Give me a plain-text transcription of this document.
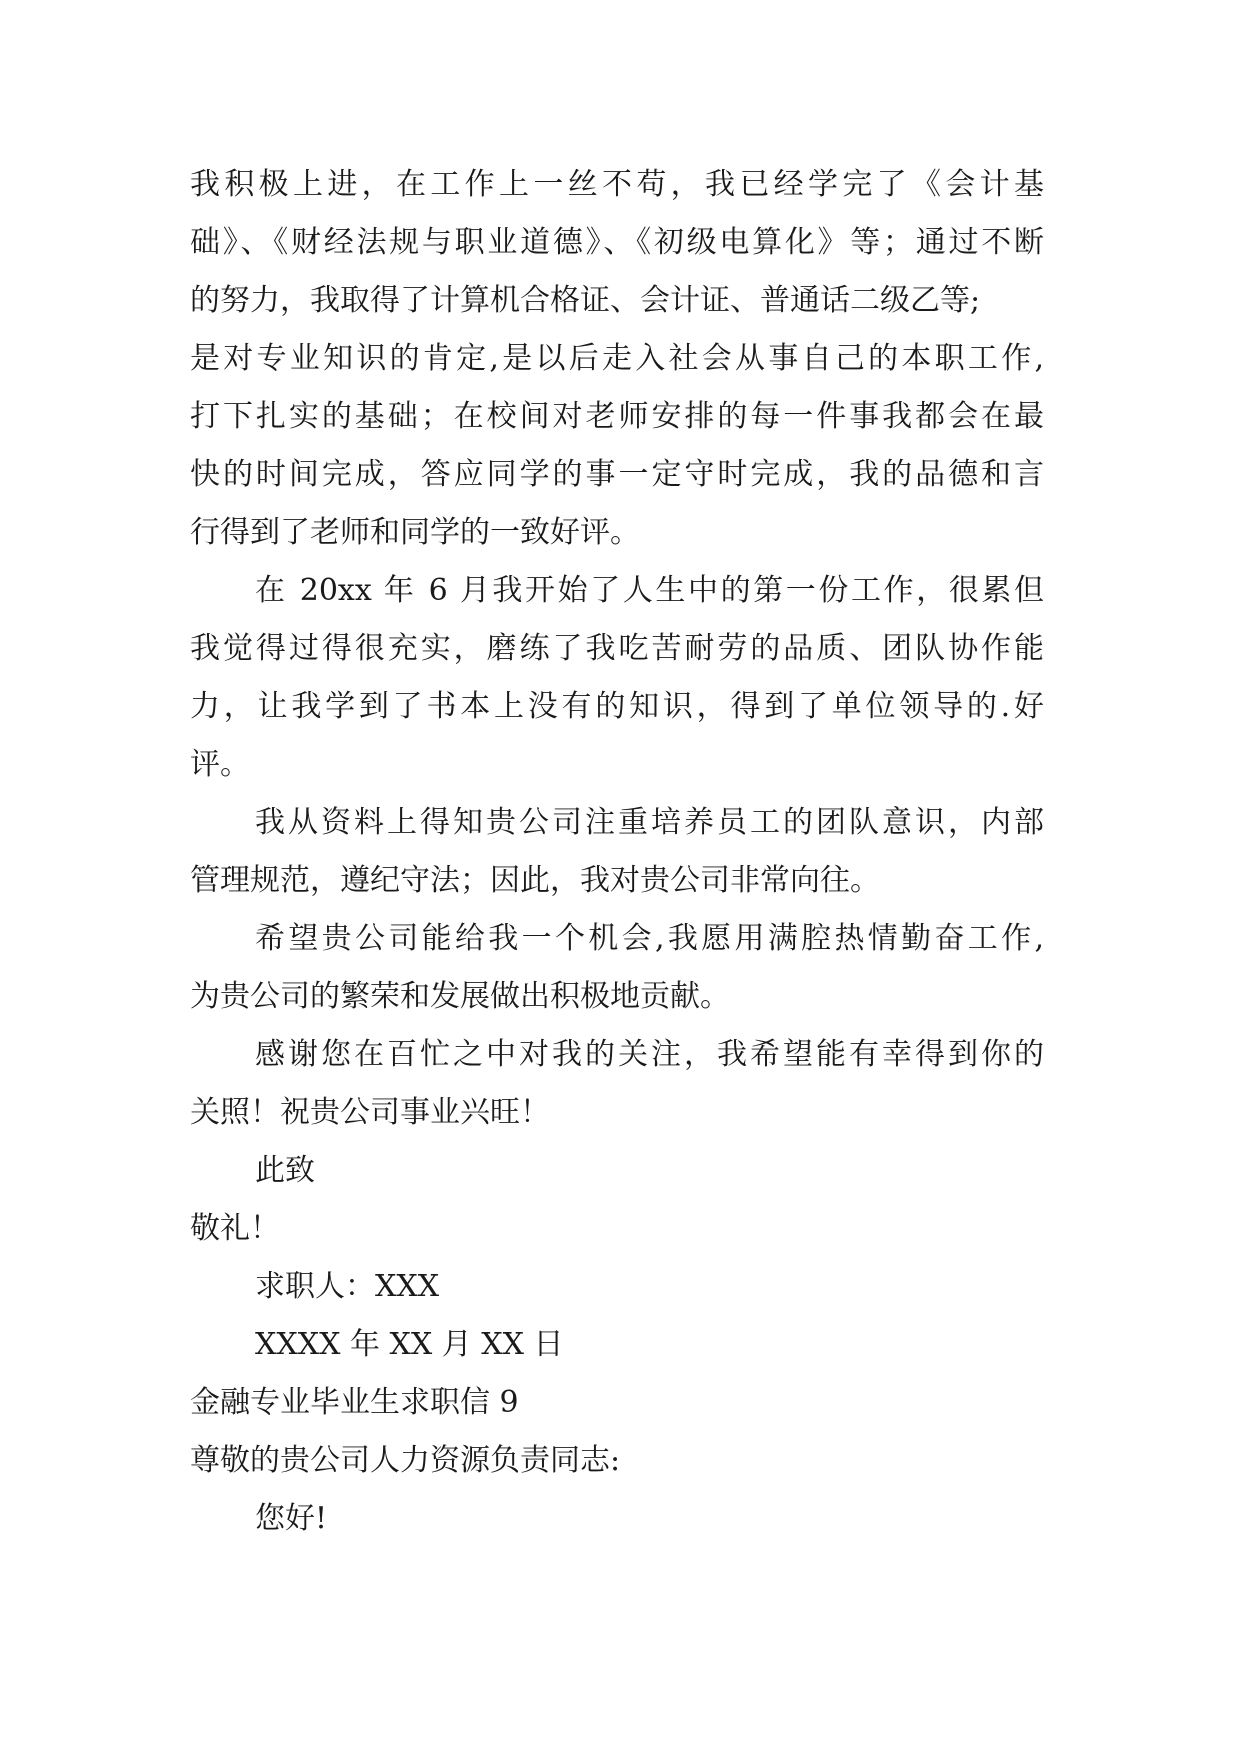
我积极上进，在工作上一丝不苟，我已经学完了《会计基
础》、《财经法规与职业道德》、《初级电算化》等；通过不断
的努力，我取得了计算机合格证、会计证、普通话二级乙等;
是对专业知识的肯定,是以后走入社会从事自己的本职工作,
打下扎实的基础；在校间对老师安排的每一件事我都会在最
快的时间完成，答应同学的事一定守时完成，我的品德和言
行得到了老师和同学的一致好评。
在 20xx 年 6 月我开始了人生中的第一份工作，很累但
我觉得过得很充实，磨练了我吃苦耐劳的品质、团队协作能
力，让我学到了书本上没有的知识，得到了单位领导的.好
评。
我从资料上得知贵公司注重培养员工的团队意识，内部
管理规范，遵纪守法；因此，我对贵公司非常向往。
希望贵公司能给我一个机会,我愿用满腔热情勤奋工作,
为贵公司的繁荣和发展做出积极地贡献。
感谢您在百忙之中对我的关注，我希望能有幸得到你的
关照！祝贵公司事业兴旺！
此致
敬礼！
求职人：XXX
XXXX 年 XX 月 XX 日
金融专业毕业生求职信 9
尊敬的贵公司人力资源负责同志:
您好!
